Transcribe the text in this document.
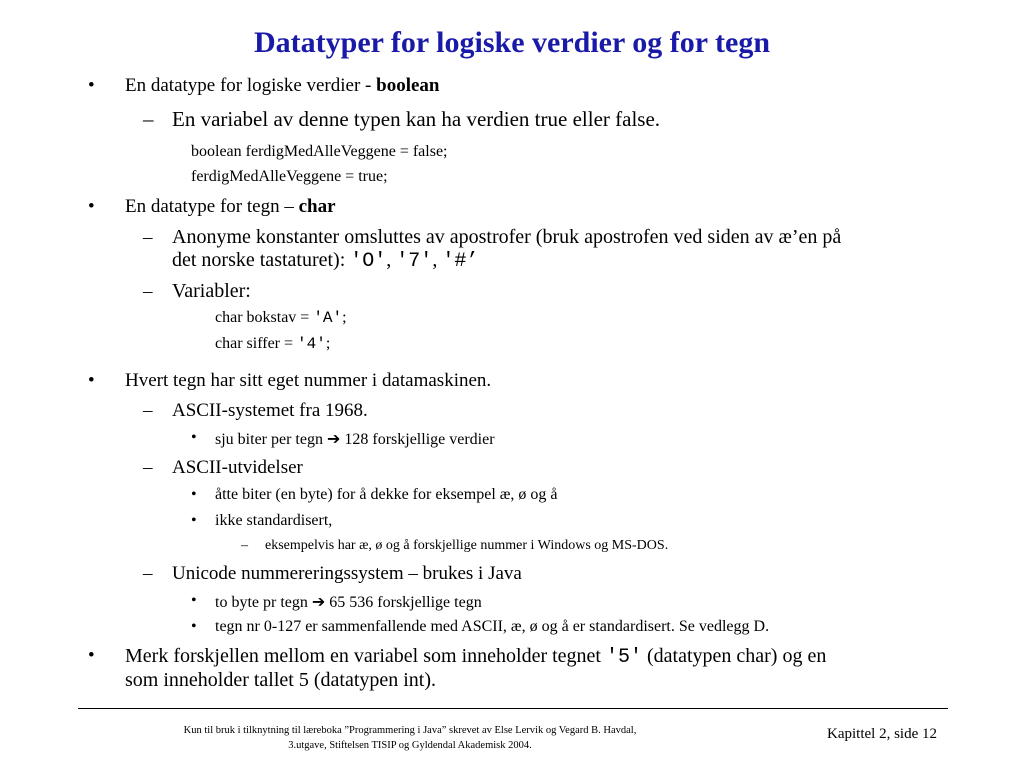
Datatyper for logiske verdier og for tegn
• En datatype for logiske verdier - boolean
– En variabel av denne typen kan ha verdien true eller false.
boolean ferdigMedAlleVeggene = false;
ferdigMedAlleVeggene = true;
• En datatype for tegn – char
– Anonyme konstanter omsluttes av apostrofer (bruk apostrofen ved siden av æ’en på
det norske tastaturet): 'O', '7', '#’
– Variabler:
char bokstav = 'A';
char siffer = '4';
• Hvert tegn har sitt eget nummer i datamaskinen.
– ASCII-systemet fra 1968.
• sju biter per tegn ➔ 128 forskjellige verdier
– ASCII-utvidelser
• åtte biter (en byte) for å dekke for eksempel æ, ø og å
• ikke standardisert,
– eksempelvis har æ, ø og å forskjellige nummer i Windows og MS-DOS.
– Unicode nummereringssystem – brukes i Java
• to byte pr tegn ➔ 65 536 forskjellige tegn
• tegn nr 0-127 er sammenfallende med ASCII, æ, ø og å er standardisert. Se vedlegg D.
• Merk forskjellen mellom en variabel som inneholder tegnet '5' (datatypen char) og en
som inneholder tallet 5 (datatypen int).
Kun til bruk i tilknytning til læreboka ”Programmering i Java” skrevet av Else Lervik og Vegard B. Havdal,
3.utgave, Stiftelsen TISIP og Gyldendal Akademisk 2004.
Kapittel 2, side 12
